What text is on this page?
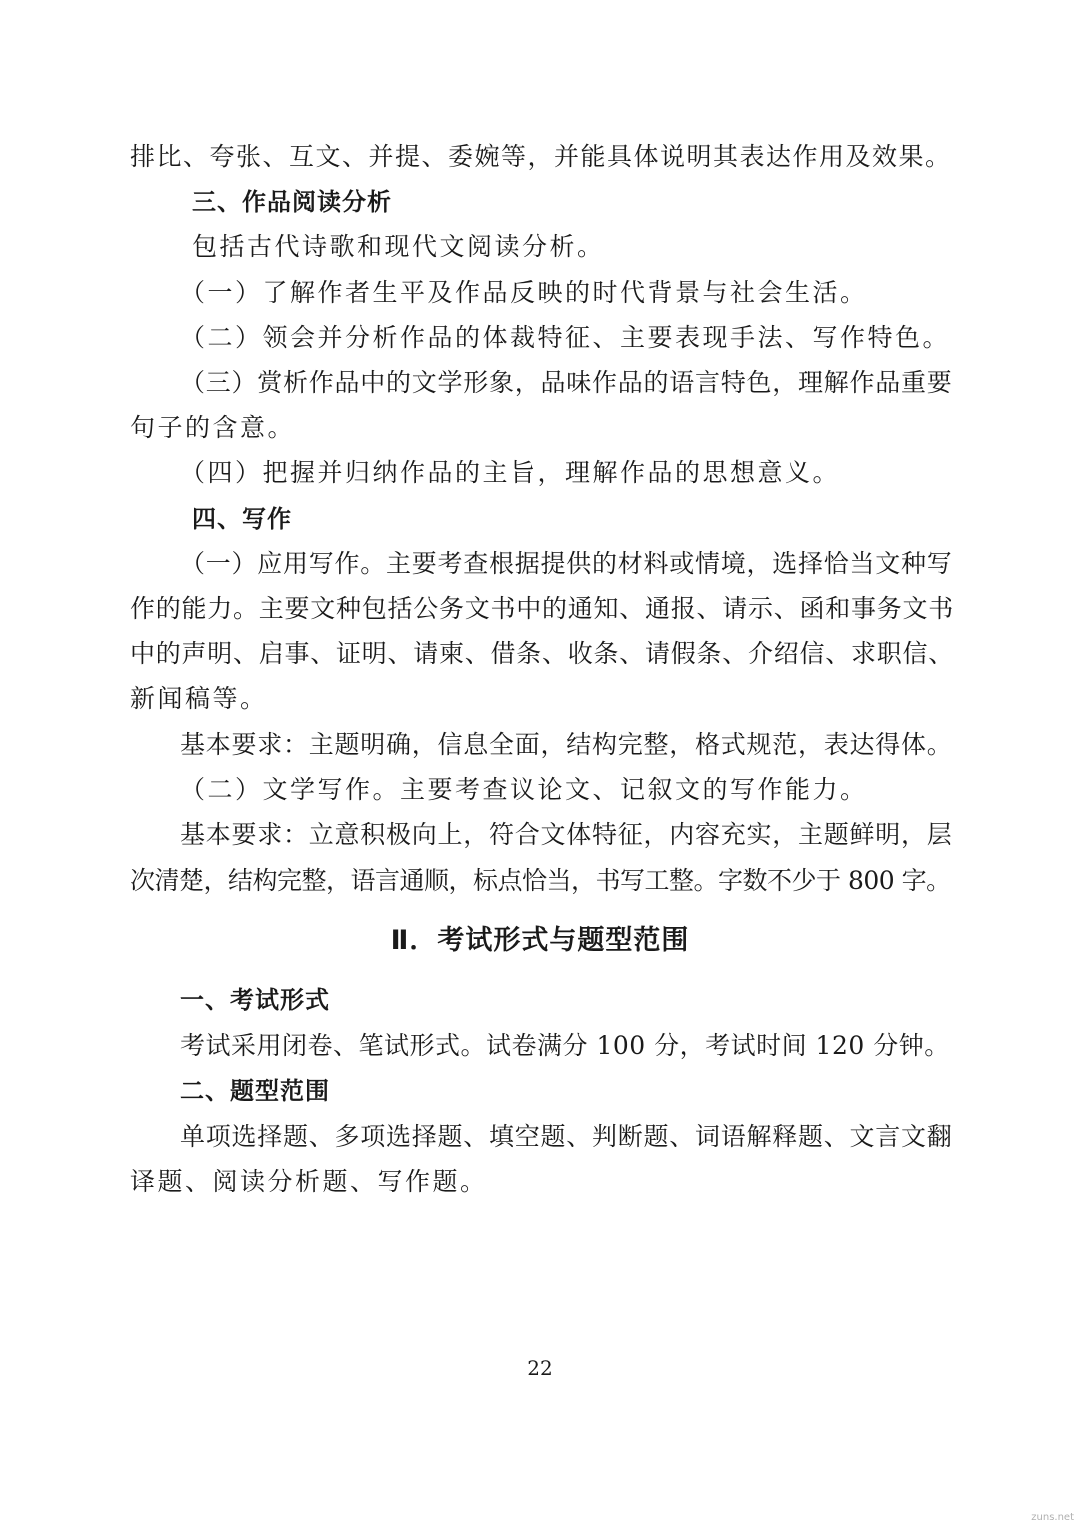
排比、夸张、互文、并提、委婉等，并能具体说明其表达作用及效果。
三、作品阅读分析
包括古代诗歌和现代文阅读分析。
（一）了解作者生平及作品反映的时代背景与社会生活。
（二）领会并分析作品的体裁特征、主要表现手法、写作特色。
（三）赏析作品中的文学形象，品味作品的语言特色，理解作品重要
句子的含意。
（四）把握并归纳作品的主旨，理解作品的思想意义。
四、写作
（一）应用写作。主要考查根据提供的材料或情境，选择恰当文种写
作的能力。主要文种包括公务文书中的通知、通报、请示、函和事务文书
中的声明、启事、证明、请柬、借条、收条、请假条、介绍信、求职信、
新闻稿等。
基本要求：主题明确，信息全面，结构完整，格式规范，表达得体。
（二）文学写作。主要考查议论文、记叙文的写作能力。
基本要求：立意积极向上，符合文体特征，内容充实，主题鲜明，层
次清楚，结构完整，语言通顺，标点恰当，书写工整。字数不少于 800 字。
Ⅱ．考试形式与题型范围
一、考试形式
考试采用闭卷、笔试形式。试卷满分 100 分，考试时间 120 分钟。
二、题型范围
单项选择题、多项选择题、填空题、判断题、词语解释题、文言文翻
译题、阅读分析题、写作题。
22
zuns.net
